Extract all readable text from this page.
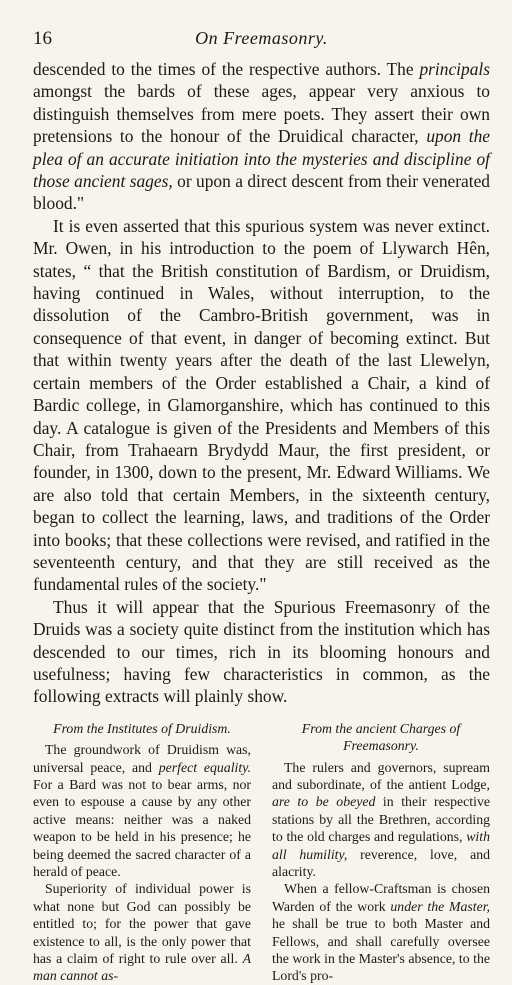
16	On Freemasonry.

descended to the times of the respective authors. The principals amongst the bards of these ages, appear very anxious to distinguish themselves from mere poets. They assert their own pretensions to the honour of the Druidical character, upon the plea of an accurate initiation into the mysteries and discipline of those ancient sages, or upon a direct descent from their venerated blood."

It is even asserted that this spurious system was never extinct. Mr. Owen, in his introduction to the poem of Llywarch Hên, states, “ that the British constitution of Bardism, or Druidism, having continued in Wales, without interruption, to the dissolution of the Cambro-British government, was in consequence of that event, in danger of becoming extinct. But that within twenty years after the death of the last Llewelyn, certain members of the Order established a Chair, a kind of Bardic college, in Glamorganshire, which has continued to this day. A catalogue is given of the Presidents and Members of this Chair, from Trahaearn Brydydd Maur, the first president, or founder, in 1300, down to the present, Mr. Edward Williams. We are also told that certain Members, in the sixteenth century, began to collect the learning, laws, and traditions of the Order into books; that these collections were revised, and ratified in the seventeenth century, and that they are still received as the fundamental rules of the society."

Thus it will appear that the Spurious Freemasonry of the Druids was a society quite distinct from the institution which has descended to our times, rich in its blooming honours and usefulness; having few characteristics in common, as the following extracts will plainly show.

From the Institutes of Druidism.

The groundwork of Druidism was, universal peace, and perfect equality. For a Bard was not to bear arms, nor even to espouse a cause by any other active means: neither was a naked weapon to be held in his presence; he being deemed the sacred character of a herald of peace.

Superiority of individual power is what none but God can possibly be entitled to; for the power that gave existence to all, is the only power that has a claim of right to rule over all. A man cannot as-

From the ancient Charges of Freemasonry.

The rulers and governors, supream and subordinate, of the antient Lodge, are to be obeyed in their respective stations by all the Brethren, according to the old charges and regulations, with all humility, reverence, love, and alacrity.

When a fellow-Craftsman is chosen Warden of the work under the Master, he shall be true to both Master and Fellows, and shall carefully oversee the work in the Master's absence, to the Lord's pro-
